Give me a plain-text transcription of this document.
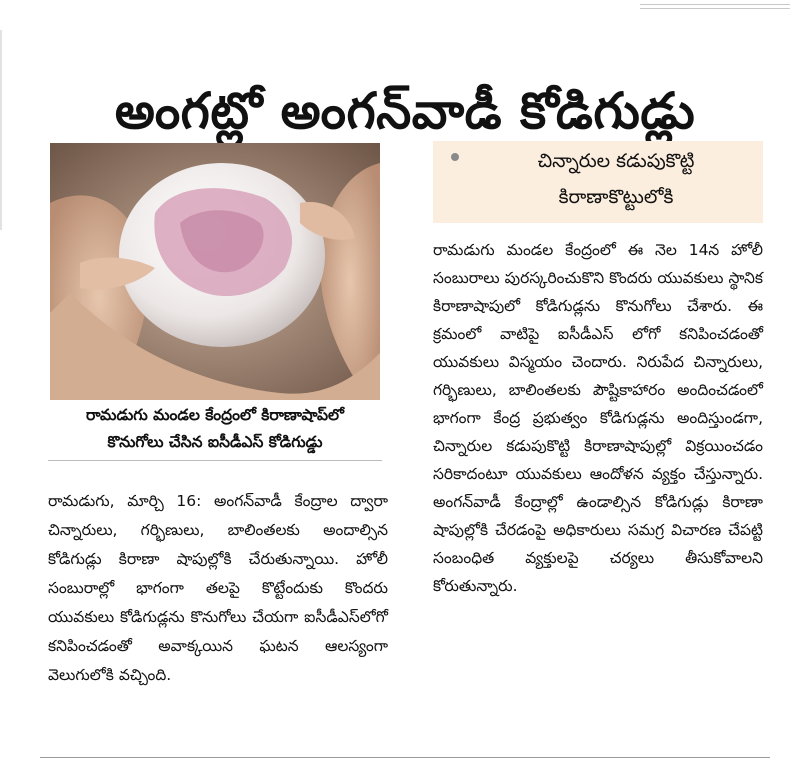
అంగట్లో అంగన్‌వాడీ కోడిగుడ్లు
రామడుగు మండల కేంద్రంలో కిరాణాషాప్‌లో
కొనుగోలు చేసిన ఐసీడీఎస్ కోడిగుడ్డు

రామడుగు, మార్చి 16: అంగన్‌వాడీ కేంద్రాల ద్వారా చిన్నారులు, గర్భిణులు, బాలింతలకు అందాల్సిన కోడిగుడ్లు కిరాణా షాపుల్లోకి చేరుతున్నాయి. హోలీ సంబురాల్లో భాగంగా తలపై కొట్టేందుకు కొందరు యువకులు కోడిగుడ్లను కొనుగోలు చేయగా ఐసీడీఎస్‌లోగో కనిపించడంతో అవాక్కయిన ఘటన ఆలస్యంగా వెలుగులోకి వచ్చింది.

చిన్నారుల కడుపుకొట్టి
కిరాణాకొట్టులోకి

రామడుగు మండల కేంద్రంలో ఈ నెల 14న హోలీ సంబురాలు పురస్కరించుకొని కొందరు యువకులు స్థానిక కిరాణాషాపులో కోడిగుడ్లను కొనుగోలు చేశారు. ఈ క్రమంలో వాటిపై ఐసీడీఎస్ లోగో కనిపించడంతో యువకులు విస్మయం చెందారు. నిరుపేద చిన్నారులు, గర్భిణులు, బాలింతలకు పౌష్టికాహారం అందించడంలో భాగంగా కేంద్ర ప్రభుత్వం కోడిగుడ్లను అందిస్తుండగా, చిన్నారుల కడుపుకొట్టి కిరాణాషాపుల్లో విక్రయించడం సరికాదంటూ యువకులు ఆందోళన వ్యక్తం చేస్తున్నారు. అంగన్‌వాడీ కేంద్రాల్లో ఉండాల్సిన కోడిగుడ్లు కిరాణా షాపుల్లోకి చేరడంపై అధికారులు సమగ్ర విచారణ చేపట్టి సంబంధిత వ్యక్తులపై చర్యలు తీసుకోవాలని కోరుతున్నారు.
